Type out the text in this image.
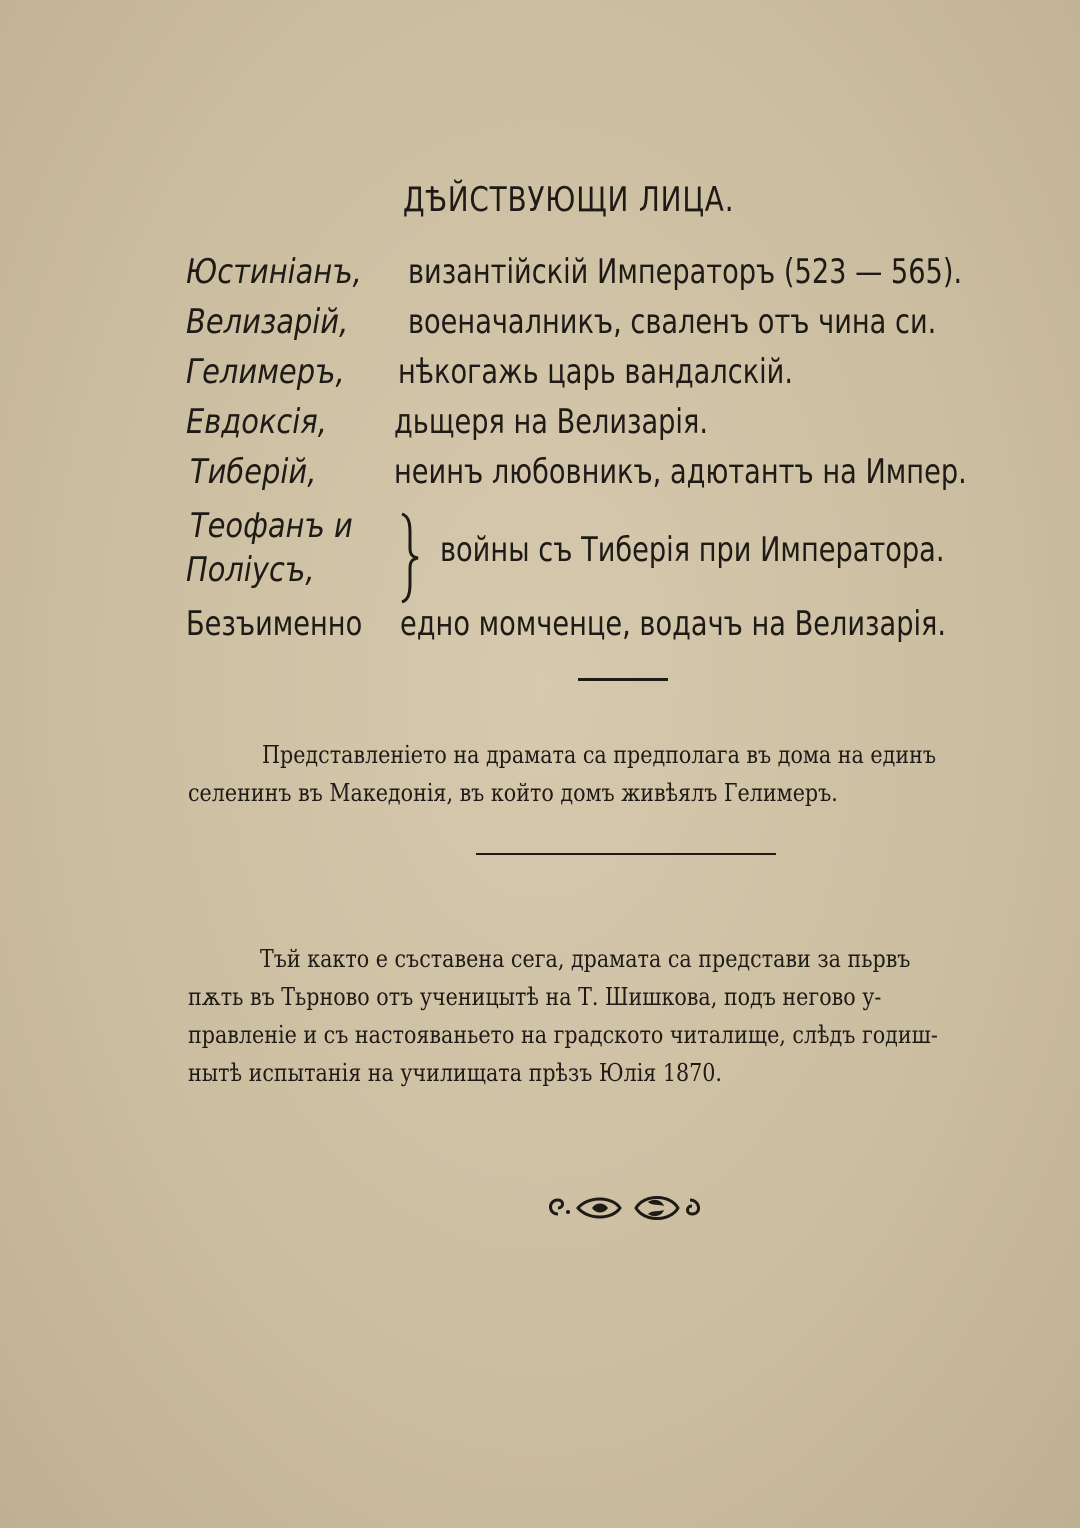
ДѢЙСТВУЮЩИ ЛИЦА.
Юстиніанъ, византійскій Императоръ (523 — 565).
Велизарій, военачалникъ, сваленъ отъ чина си.
Гелимеръ, нѣкогажь царь вандалскій.
Евдоксія, дьщеря на Велизарія.
Тиберій, неинъ любовникъ, адютантъ на Импер.
Теофанъ и
Поліусъ,	войны съ Тиберія при Императора.
Безъименно едно момченце, водачъ на Велизарія.
Представленіето на драмата са предполага въ дома на единъ
селенинъ въ Македонія, въ който домъ живѣялъ Гелимеръ.
Тъй както е съставена сега, драмата са представи за пьрвъ
пѫть въ Тьрново отъ ученицытѣ на Т. Шишкова, подъ негово у-
правленіе и съ настояваньето на градското читалище, слѣдъ годиш-
нытѣ испытанія на училищата прѣзъ Юлія 1870.
